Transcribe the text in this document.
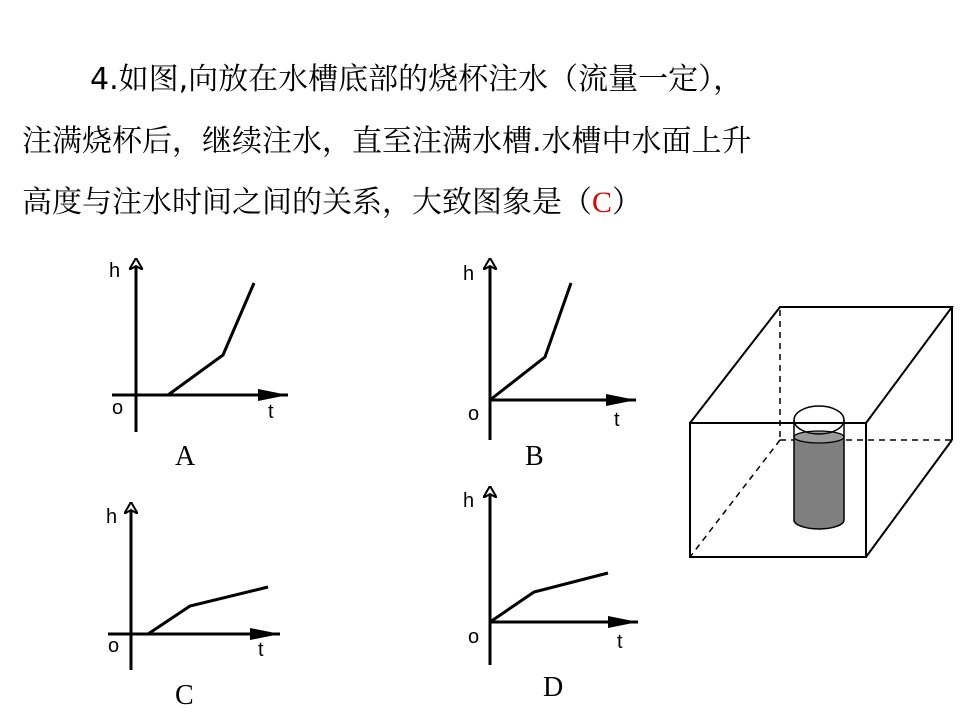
4.如图,向放在水槽底部的烧杯注水（流量一定），
注满烧杯后，继续注水，直至注满水槽.水槽中水面上升
高度与注水时间之间的关系，大致图象是（C）
h
t
o
A
h
t
o
B
h
t
o
C
h
t
o
D
